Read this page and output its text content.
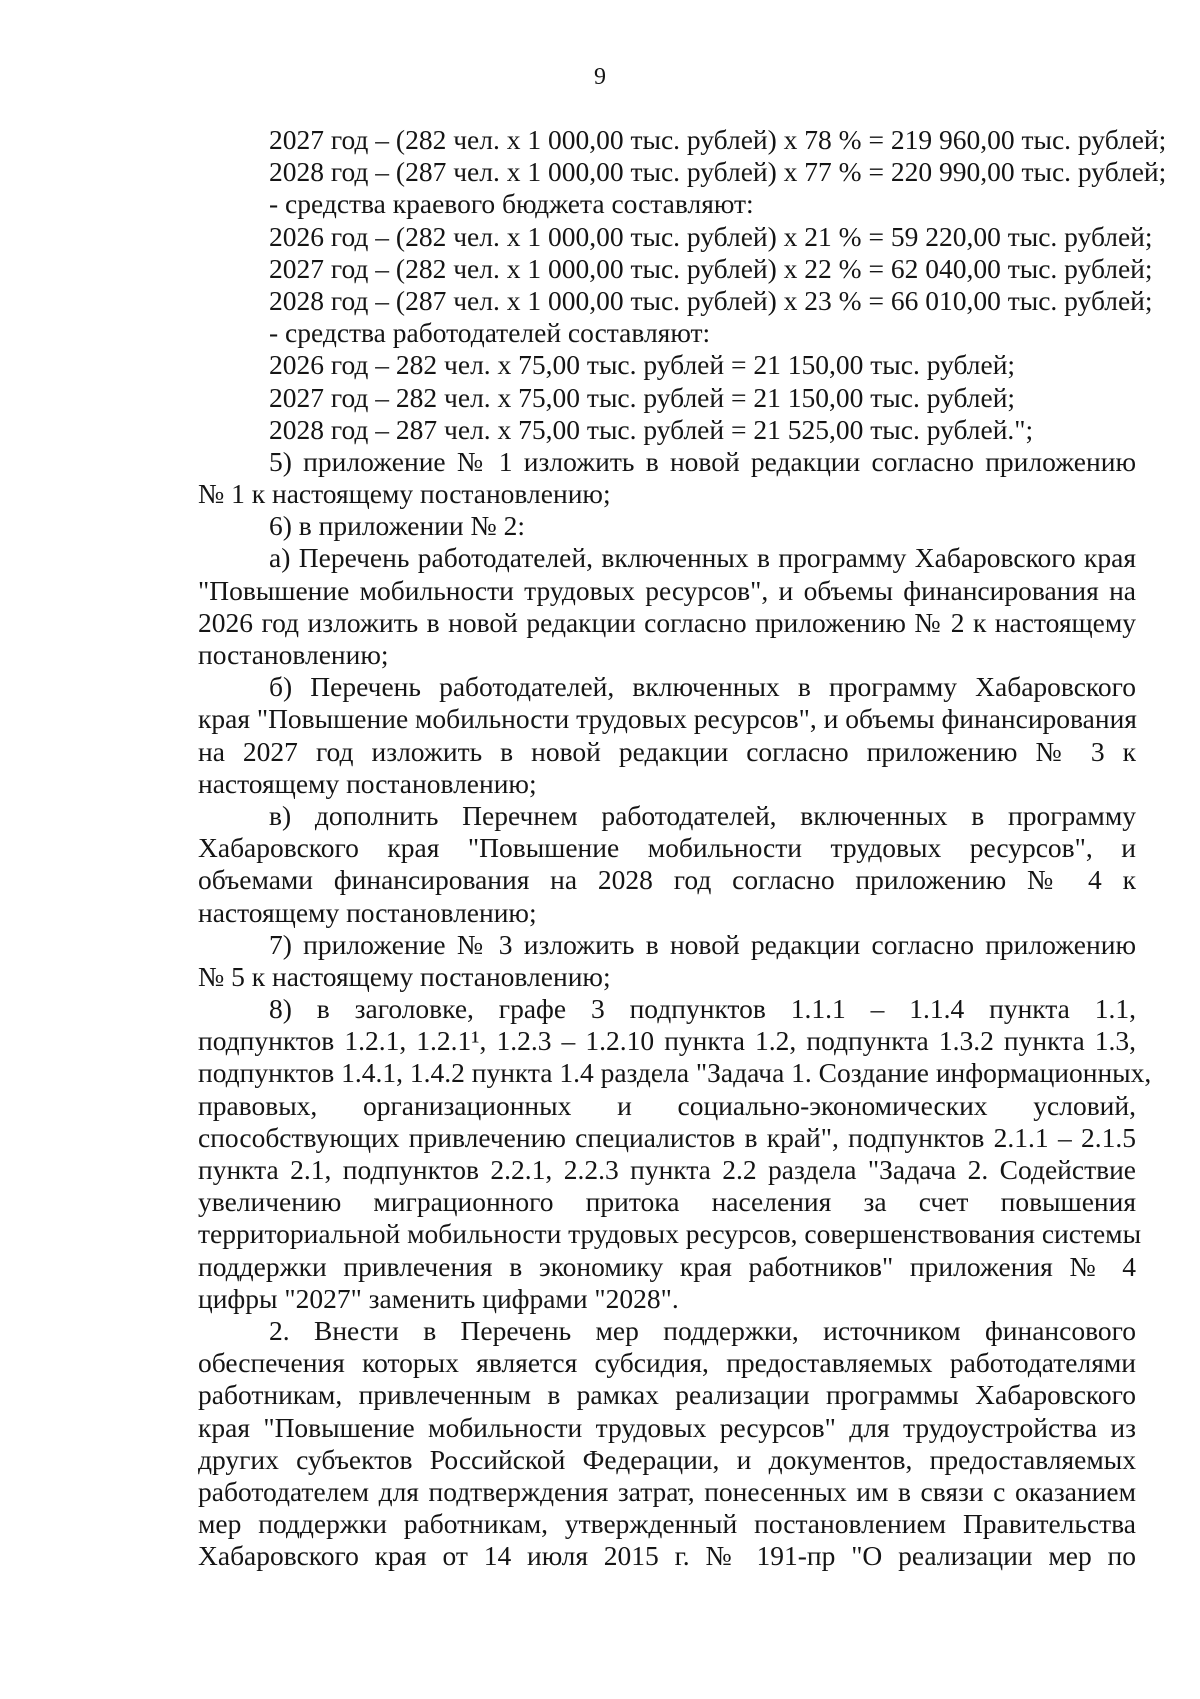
9
2027 год – (282 чел. x 1 000,00 тыс. рублей) x 78 % = 219 960,00 тыс. рублей;
2028 год – (287 чел. x 1 000,00 тыс. рублей) x 77 % = 220 990,00 тыс. рублей;
- средства краевого бюджета составляют:
2026 год – (282 чел. x 1 000,00 тыс. рублей) x 21 % = 59 220,00 тыс. рублей;
2027 год – (282 чел. x 1 000,00 тыс. рублей) x 22 % = 62 040,00 тыс. рублей;
2028 год – (287 чел. x 1 000,00 тыс. рублей) x 23 % = 66 010,00 тыс. рублей;
- средства работодателей составляют:
2026 год – 282 чел. x 75,00 тыс. рублей = 21 150,00 тыс. рублей;
2027 год – 282 чел. x 75,00 тыс. рублей = 21 150,00 тыс. рублей;
2028 год – 287 чел. x 75,00 тыс. рублей = 21 525,00 тыс. рублей.";
5) приложение № 1 изложить в новой редакции согласно приложению
№ 1 к настоящему постановлению;
6) в приложении № 2:
а) Перечень работодателей, включенных в программу Хабаровского края
"Повышение мобильности трудовых ресурсов", и объемы финансирования на
2026 год изложить в новой редакции согласно приложению № 2 к настоящему
постановлению;
б) Перечень работодателей, включенных в программу Хабаровского
края "Повышение мобильности трудовых ресурсов", и объемы финансирования
на 2027 год изложить в новой редакции согласно приложению № 3 к
настоящему постановлению;
в) дополнить Перечнем работодателей, включенных в программу
Хабаровского края "Повышение мобильности трудовых ресурсов", и
объемами финансирования на 2028 год согласно приложению № 4 к
настоящему постановлению;
7) приложение № 3 изложить в новой редакции согласно приложению
№ 5 к настоящему постановлению;
8) в заголовке, графе 3 подпунктов 1.1.1 – 1.1.4 пункта 1.1,
подпунктов 1.2.1, 1.2.1¹, 1.2.3 – 1.2.10 пункта 1.2, подпункта 1.3.2 пункта 1.3,
подпунктов 1.4.1, 1.4.2 пункта 1.4 раздела "Задача 1. Создание информационных,
правовых, организационных и социально-экономических условий,
способствующих привлечению специалистов в край", подпунктов 2.1.1 – 2.1.5
пункта 2.1, подпунктов 2.2.1, 2.2.3 пункта 2.2 раздела "Задача 2. Содействие
увеличению миграционного притока населения за счет повышения
территориальной мобильности трудовых ресурсов, совершенствования системы
поддержки привлечения в экономику края работников" приложения № 4
цифры "2027" заменить цифрами "2028".
2. Внести в Перечень мер поддержки, источником финансового
обеспечения которых является субсидия, предоставляемых работодателями
работникам, привлеченным в рамках реализации программы Хабаровского
края "Повышение мобильности трудовых ресурсов" для трудоустройства из
других субъектов Российской Федерации, и документов, предоставляемых
работодателем для подтверждения затрат, понесенных им в связи с оказанием
мер поддержки работникам, утвержденный постановлением Правительства
Хабаровского края от 14 июля 2015 г. № 191-пр "О реализации мер по
